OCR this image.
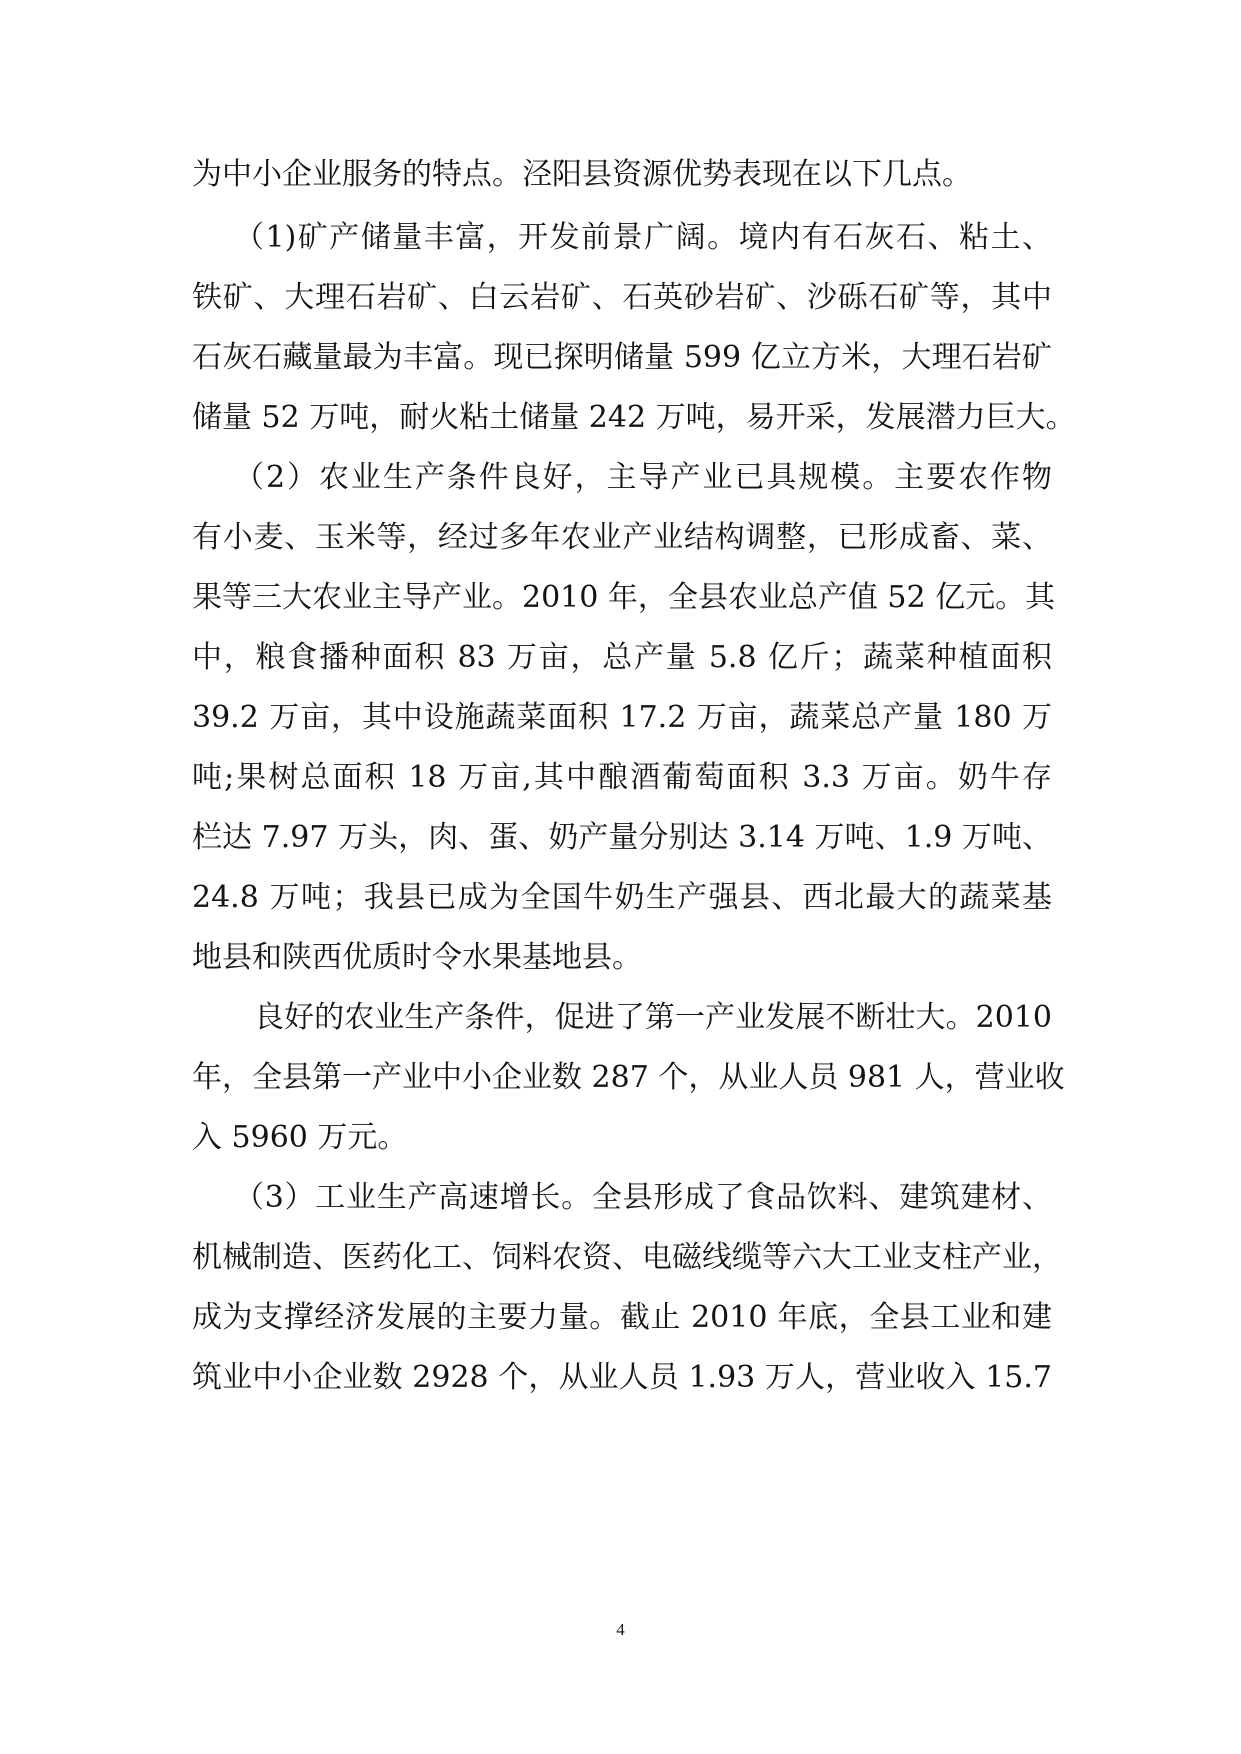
为中小企业服务的特点。泾阳县资源优势表现在以下几点。
（1)矿产储量丰富，开发前景广阔。境内有石灰石、粘土、
铁矿、大理石岩矿、白云岩矿、石英砂岩矿、沙砾石矿等，其中
石灰石藏量最为丰富。现已探明储量 599 亿立方米，大理石岩矿
储量 52 万吨，耐火粘土储量 242 万吨，易开采，发展潜力巨大。
（2）农业生产条件良好，主导产业已具规模。主要农作物
有小麦、玉米等，经过多年农业产业结构调整，已形成畜、菜、
果等三大农业主导产业。2010 年，全县农业总产值 52 亿元。其
中，粮食播种面积 83 万亩，总产量 5.8 亿斤；蔬菜种植面积
39.2 万亩，其中设施蔬菜面积 17.2 万亩，蔬菜总产量 180 万
吨;果树总面积 18 万亩,其中酿酒葡萄面积 3.3 万亩。奶牛存
栏达 7.97 万头，肉、蛋、奶产量分别达 3.14 万吨、1.9 万吨、
24.8 万吨；我县已成为全国牛奶生产强县、西北最大的蔬菜基
地县和陕西优质时令水果基地县。
良好的农业生产条件，促进了第一产业发展不断壮大。2010
年，全县第一产业中小企业数 287 个，从业人员 981 人，营业收
入 5960 万元。
（3）工业生产高速增长。全县形成了食品饮料、建筑建材、
机械制造、医药化工、饲料农资、电磁线缆等六大工业支柱产业，
成为支撑经济发展的主要力量。截止 2010 年底，全县工业和建
筑业中小企业数 2928 个，从业人员 1.93 万人，营业收入 15.7
4
